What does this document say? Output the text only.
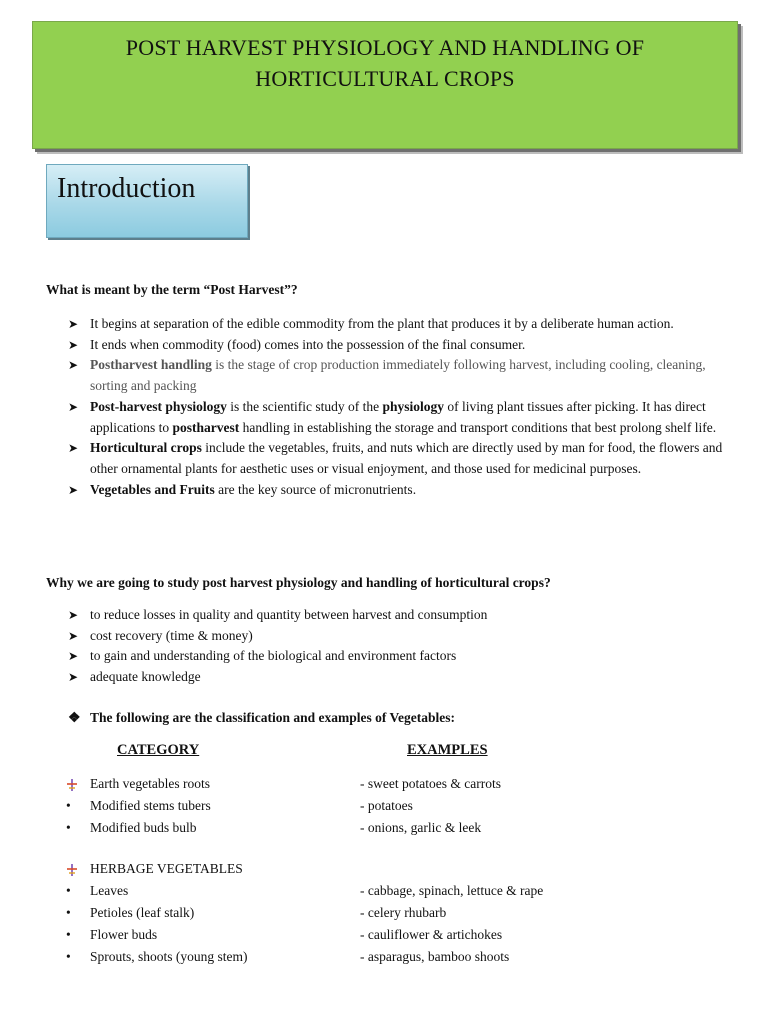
POST HARVEST PHYSIOLOGY AND HANDLING OF
HORTICULTURAL CROPS
Introduction
What is meant by the term “Post Harvest”?
➤ It begins at separation of the edible commodity from the plant that produces it by a deliberate human action.
➤ It ends when commodity (food) comes into the possession of the final consumer.
➤ Postharvest handling is the stage of crop production immediately following harvest, including cooling, cleaning, sorting and packing
➤ Post-harvest physiology is the scientific study of the physiology of living plant tissues after picking. It has direct applications to postharvest handling in establishing the storage and transport conditions that best prolong shelf life.
➤ Horticultural crops include the vegetables, fruits, and nuts which are directly used by man for food, the flowers and other ornamental plants for aesthetic uses or visual enjoyment, and those used for medicinal purposes.
➤ Vegetables and Fruits are the key source of micronutrients.
Why we are going to study post harvest physiology and handling of horticultural crops?
➤ to reduce losses in quality and quantity between harvest and consumption
➤ cost recovery (time & money)
➤ to gain and understanding of the biological and environment factors
➤ adequate knowledge
❖ The following are the classification and examples of Vegetables:
CATEGORY	EXAMPLES
Earth vegetables roots	- sweet potatoes & carrots
•	Modified stems tubers	- potatoes
•	Modified buds bulb	- onions, garlic & leek
HERBAGE VEGETABLES
•	Leaves	- cabbage, spinach, lettuce & rape
•	Petioles (leaf stalk)	- celery rhubarb
•	Flower buds	- cauliflower & artichokes
•	Sprouts, shoots (young stem)	- asparagus, bamboo shoots
